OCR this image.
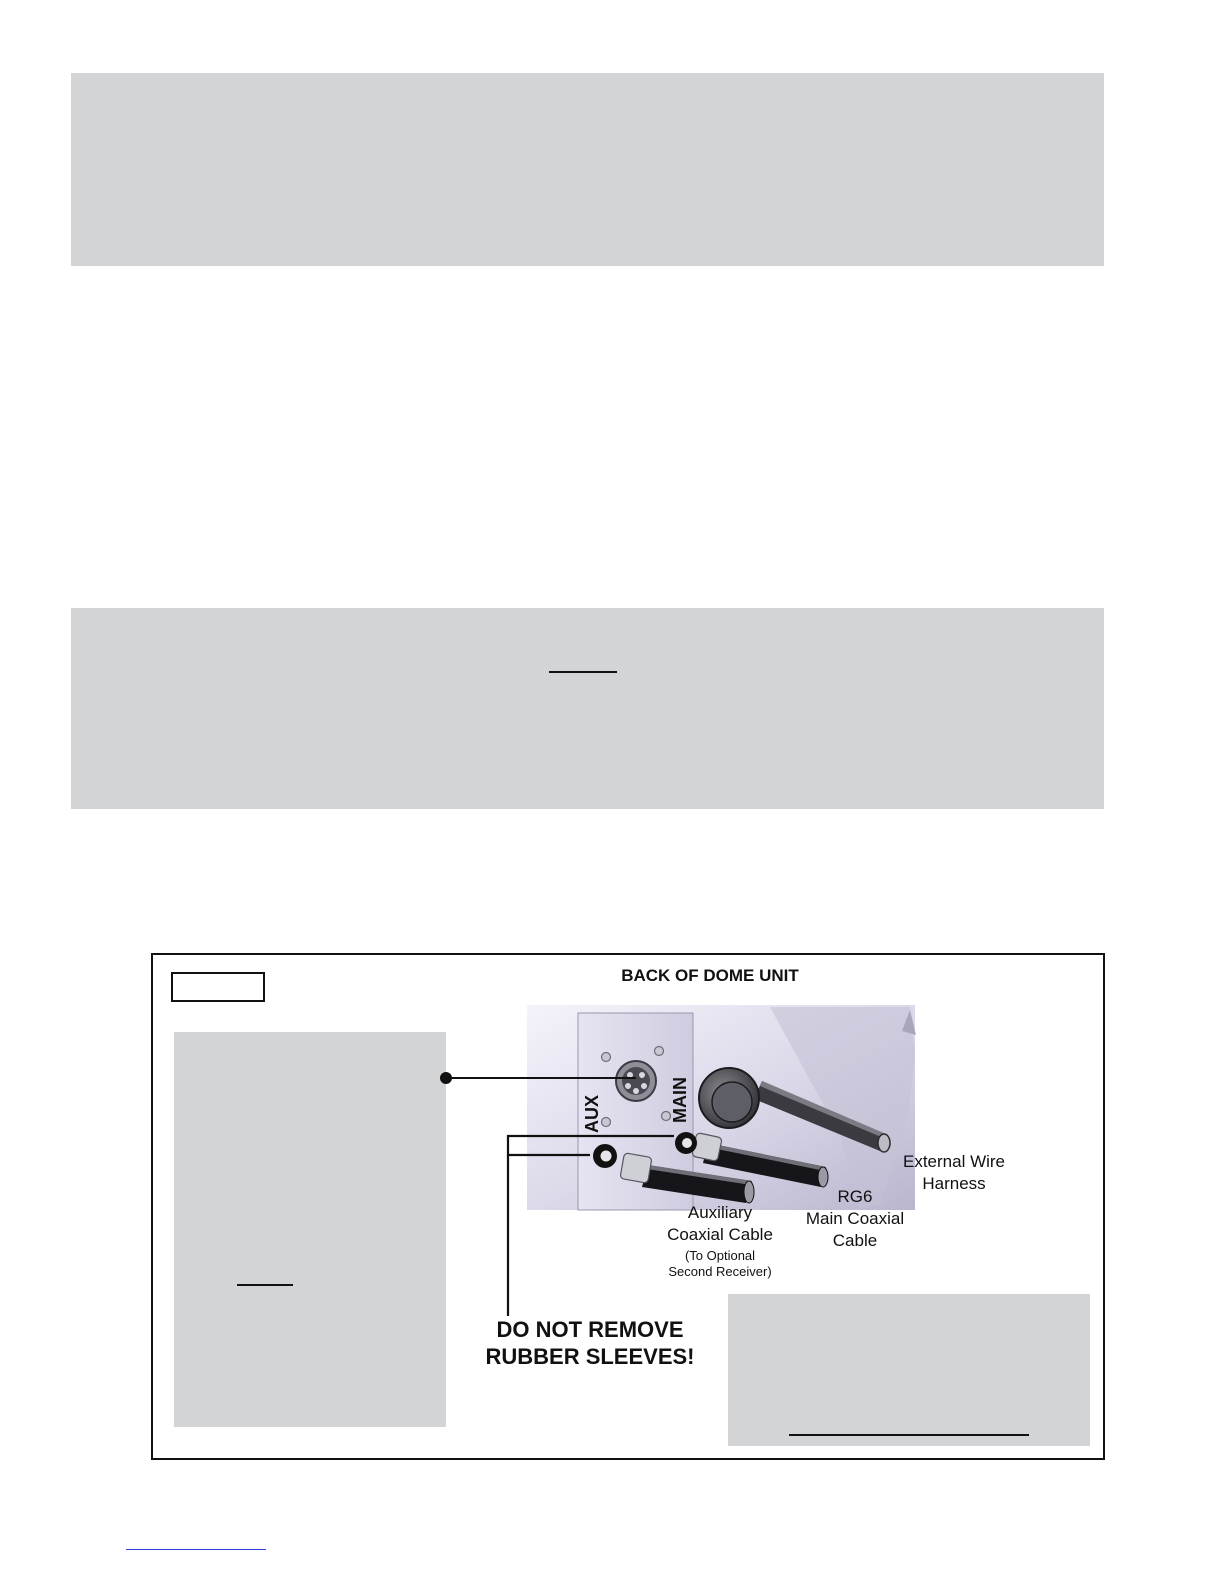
BACK OF DOME UNIT
AUX	MAIN
External Wire
Harness
RG6
Main Coaxial
Cable
Auxiliary
Coaxial Cable
(To Optional
Second Receiver)
DO NOT REMOVE
RUBBER SLEEVES!
